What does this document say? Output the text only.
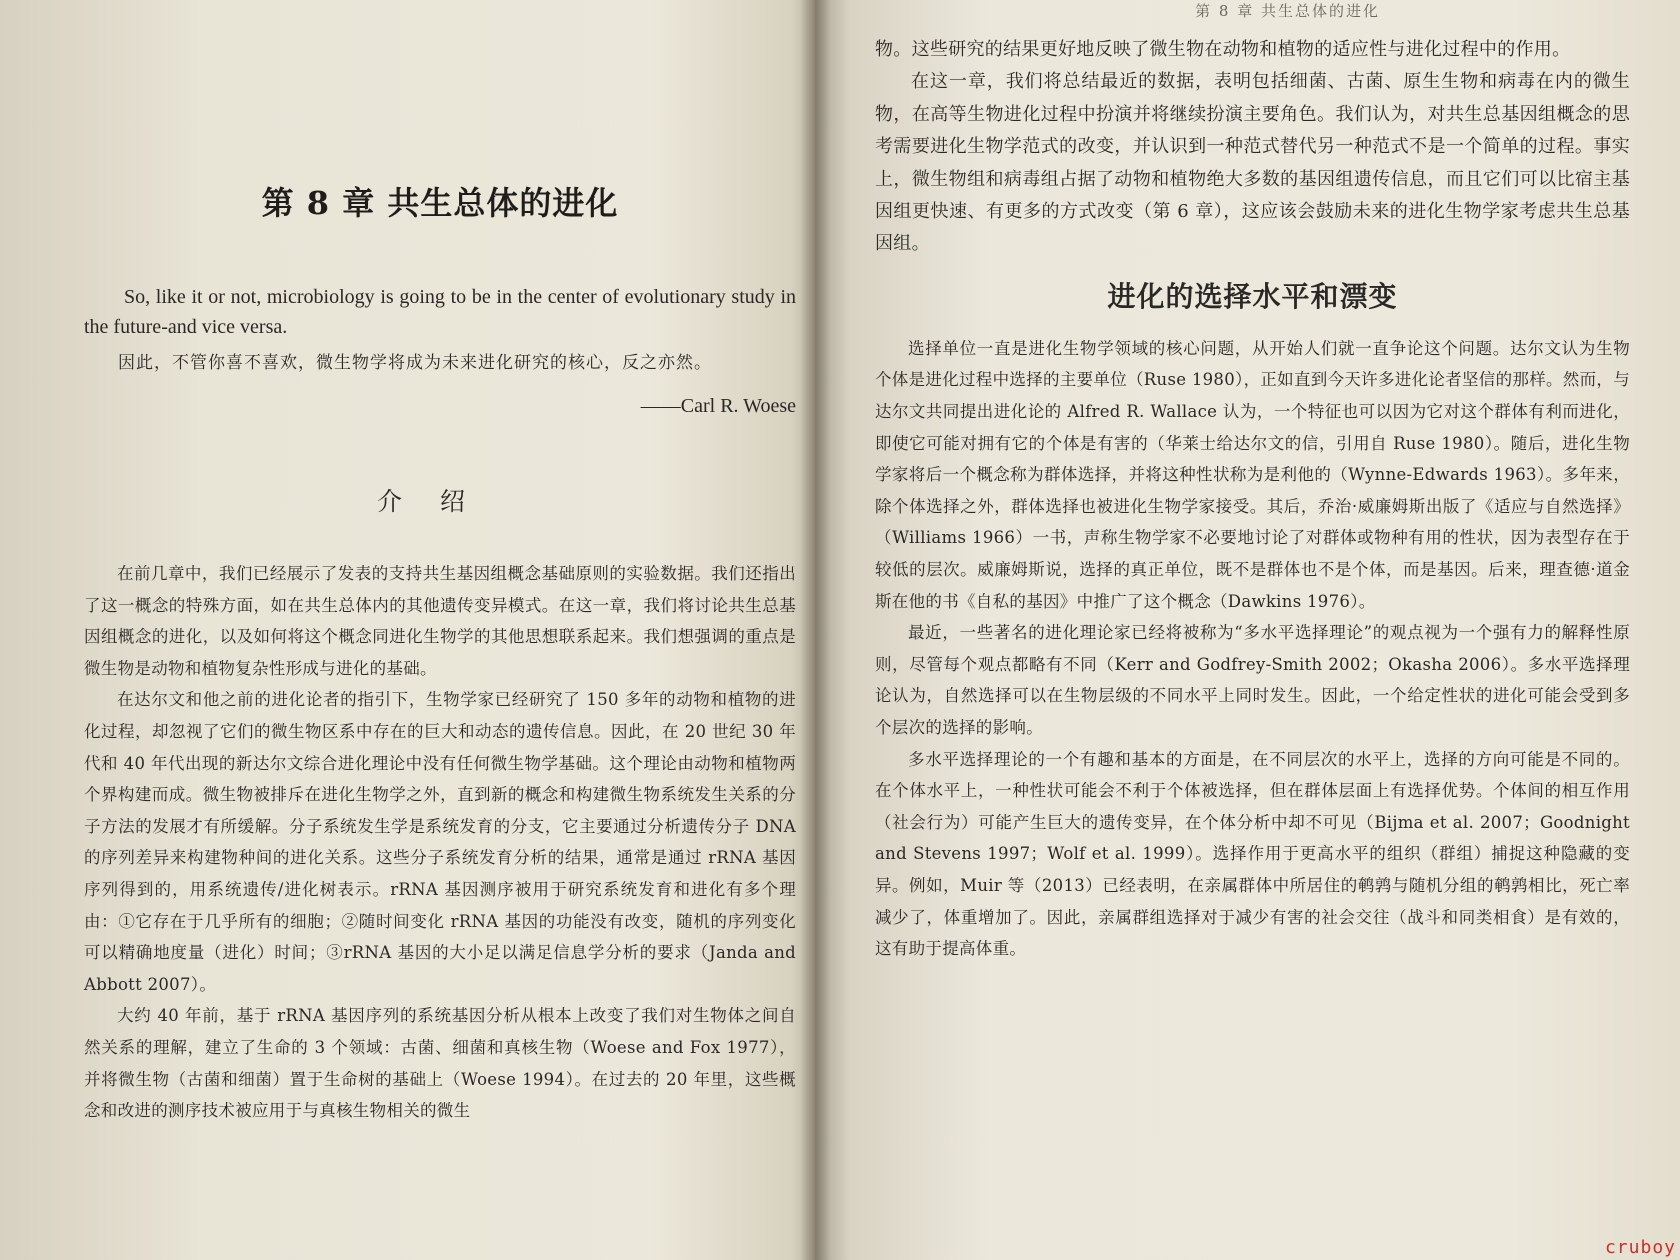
第 8 章 共生总体的进化

So, like it or not, microbiology is going to be in the center of evolutionary study in the future-and vice versa.

因此，不管你喜不喜欢，微生物学将成为未来进化研究的核心，反之亦然。

——Carl R. Woese

介绍

在前几章中，我们已经展示了发表的支持共生基因组概念基础原则的实验数据。我们还指出了这一概念的特殊方面，如在共生总体内的其他遗传变异模式。在这一章，我们将讨论共生总基因组概念的进化，以及如何将这个概念同进化生物学的其他思想联系起来。我们想强调的重点是微生物是动物和植物复杂性形成与进化的基础。

在达尔文和他之前的进化论者的指引下，生物学家已经研究了 150 多年的动物和植物的进化过程，却忽视了它们的微生物区系中存在的巨大和动态的遗传信息。因此，在 20 世纪 30 年代和 40 年代出现的新达尔文综合进化理论中没有任何微生物学基础。这个理论由动物和植物两个界构建而成。微生物被排斥在进化生物学之外，直到新的概念和构建微生物系统发生关系的分子方法的发展才有所缓解。分子系统发生学是系统发育的分支，它主要通过分析遗传分子 DNA 的序列差异来构建物种间的进化关系。这些分子系统发育分析的结果，通常是通过 rRNA 基因序列得到的，用系统遗传/进化树表示。rRNA 基因测序被用于研究系统发育和进化有多个理由：①它存在于几乎所有的细胞；②随时间变化 rRNA 基因的功能没有改变，随机的序列变化可以精确地度量（进化）时间；③rRNA 基因的大小足以满足信息学分析的要求（Janda and Abbott 2007）。

大约 40 年前，基于 rRNA 基因序列的系统基因分析从根本上改变了我们对生物体之间自然关系的理解，建立了生命的 3 个领域：古菌、细菌和真核生物（Woese and Fox 1977），并将微生物（古菌和细菌）置于生命树的基础上（Woese 1994）。在过去的 20 年里，这些概念和改进的测序技术被应用于与真核生物相关的微生

第 8 章 共生总体的进化

物。这些研究的结果更好地反映了微生物在动物和植物的适应性与进化过程中的作用。

在这一章，我们将总结最近的数据，表明包括细菌、古菌、原生生物和病毒在内的微生物，在高等生物进化过程中扮演并将继续扮演主要角色。我们认为，对共生总基因组概念的思考需要进化生物学范式的改变，并认识到一种范式替代另一种范式不是一个简单的过程。事实上，微生物组和病毒组占据了动物和植物绝大多数的基因组遗传信息，而且它们可以比宿主基因组更快速、有更多的方式改变（第 6 章），这应该会鼓励未来的进化生物学家考虑共生总基因组。

进化的选择水平和漂变

选择单位一直是进化生物学领域的核心问题，从开始人们就一直争论这个问题。达尔文认为生物个体是进化过程中选择的主要单位（Ruse 1980），正如直到今天许多进化论者坚信的那样。然而，与达尔文共同提出进化论的 Alfred R. Wallace 认为，一个特征也可以因为它对这个群体有利而进化，即使它可能对拥有它的个体是有害的（华莱士给达尔文的信，引用自 Ruse 1980）。随后，进化生物学家将后一个概念称为群体选择，并将这种性状称为是利他的（Wynne-Edwards 1963）。多年来，除个体选择之外，群体选择也被进化生物学家接受。其后，乔治·威廉姆斯出版了《适应与自然选择》（Williams 1966）一书，声称生物学家不必要地讨论了对群体或物种有用的性状，因为表型存在于较低的层次。威廉姆斯说，选择的真正单位，既不是群体也不是个体，而是基因。后来，理查德·道金斯在他的书《自私的基因》中推广了这个概念（Dawkins 1976）。

最近，一些著名的进化理论家已经将被称为“多水平选择理论”的观点视为一个强有力的解释性原则，尽管每个观点都略有不同（Kerr and Godfrey-Smith 2002；Okasha 2006）。多水平选择理论认为，自然选择可以在生物层级的不同水平上同时发生。因此，一个给定性状的进化可能会受到多个层次的选择的影响。

多水平选择理论的一个有趣和基本的方面是，在不同层次的水平上，选择的方向可能是不同的。在个体水平上，一种性状可能会不利于个体被选择，但在群体层面上有选择优势。个体间的相互作用（社会行为）可能产生巨大的遗传变异，在个体分析中却不可见（Bijma et al. 2007；Goodnight and Stevens 1997；Wolf et al. 1999）。选择作用于更高水平的组织（群组）捕捉这种隐藏的变异。例如，Muir 等（2013）已经表明，在亲属群体中所居住的鹌鹑与随机分组的鹌鹑相比，死亡率减少了，体重增加了。因此，亲属群组选择对于减少有害的社会交往（战斗和同类相食）是有效的，这有助于提高体重。

cruboy
